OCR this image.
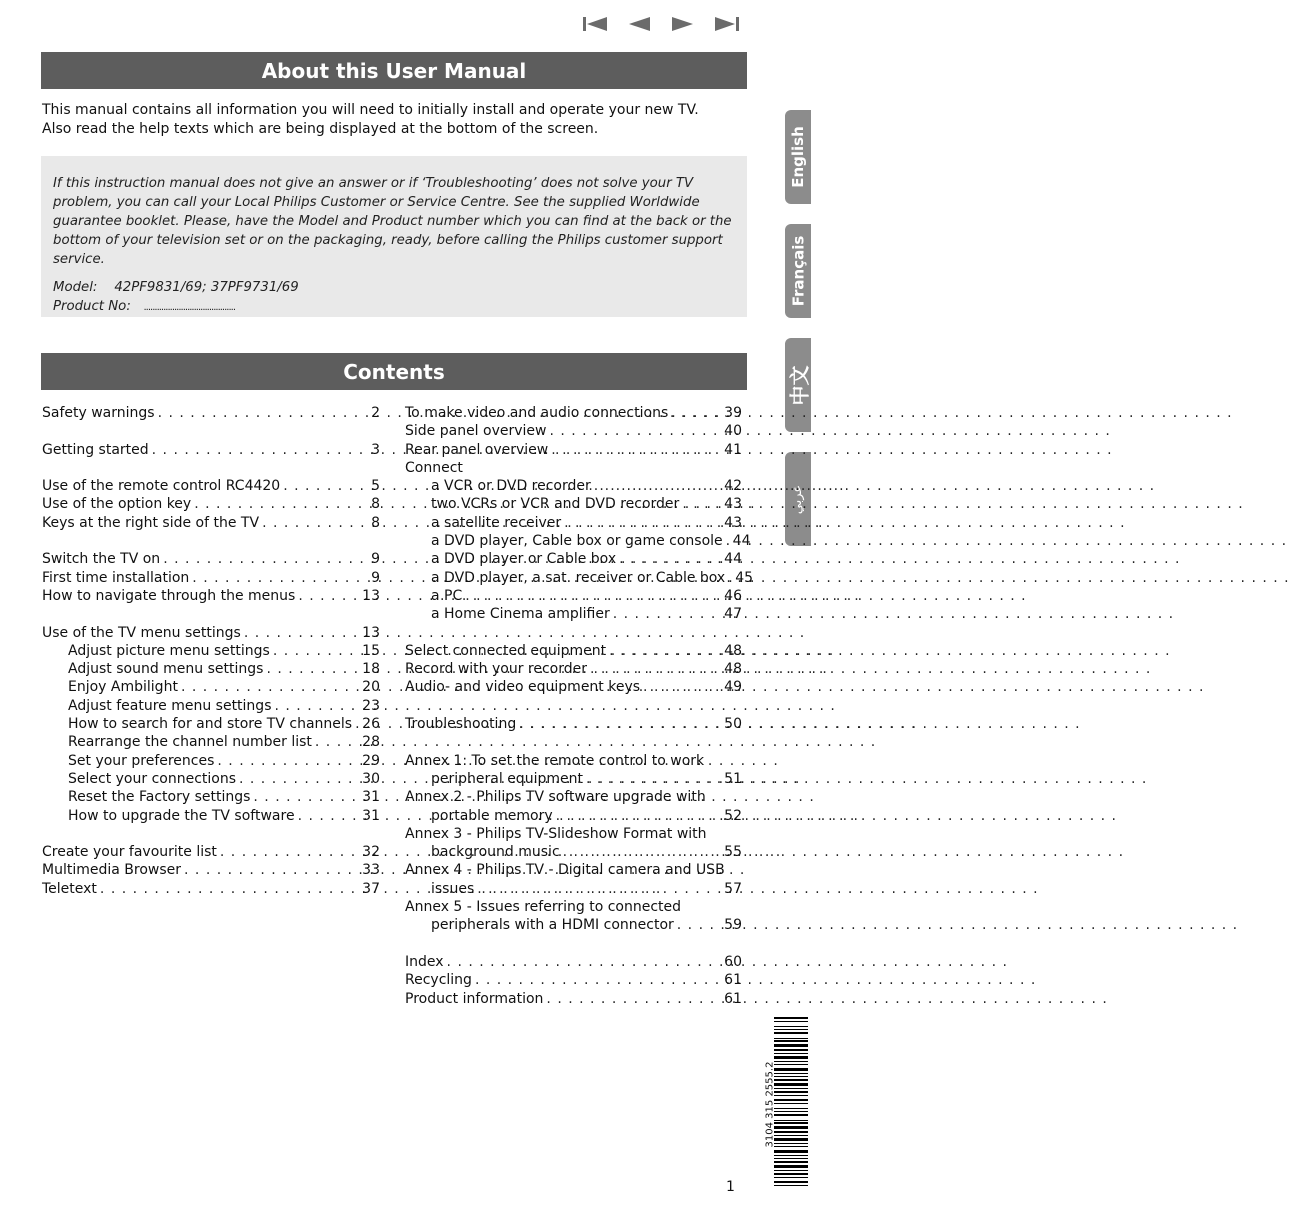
About this User Manual

This manual contains all information you will need to initially install and operate your new TV.

Also read the help texts which are being displayed at the bottom of the screen.

If this instruction manual does not give an answer or if ‘Troubleshooting’ does not solve your TV problem, you can call your Local Philips Customer or Service Centre. See the supplied Worldwide guarantee booklet. Please, have the Model and Product number which you can find at the back or the bottom of your television set or on the packaging, ready, before calling the Philips customer support service.

Model: 42PF9831/69; 37PF9731/69

Product No: ..........................................

English
Français
中文
عربي
Contents
Safety warnings . . .	2
Getting started . . .	3
Use of the remote control RC4420 . . .	5
Use of the option key . . .	8
Keys at the right side of the TV . . .	8
Switch the TV on . . .	9
First time installation . . .	9
How to navigate through the menus . . .	13
Use of the TV menu settings . . .	13
Adjust picture menu settings . . .	15
Adjust sound menu settings . . .	18
Enjoy Ambilight . . .	20
Adjust feature menu settings . . .	23
How to search for and store TV channels . . . 26
Rearrange the channel number list . . .	28
Set your preferences . . .	29
Select your connections . . .	30
Reset the Factory settings . . .	31
How to upgrade the TV software . . .	31
Create your favourite list . . .	32
Multimedia Browser . . .	33
Teletext . . .	37
To make video and audio connections . . .	39
Side panel overview . . .	40
Rear panel overview . . .	41
Connect
a VCR or DVD recorder . . .	42
two VCRs or VCR and DVD recorder . . .	43
a satellite receiver . . .	43
a DVD player, Cable box or game console . . . 44
a DVD player or Cable box . . .	44
a DVD player, a sat. receiver or Cable box . . . 45
a PC . . .	46
a Home Cinema amplifier . . .	47
Select connected equipment . . .	48
Record with your recorder . . .	48
Audio- and video equipment keys . . .	49
Troubleshooting . . .	50
Annex 1: To set the remote control to work
peripheral equipment . . .	51
Annex 2 - Philips TV software upgrade with
portable memory . . .	52
Annex 3 - Philips TV-Slideshow Format with
background music . . .	55
Annex 4 - Philips TV - Digital camera and USB
issues . . .	57
Annex 5 - Issues referring to connected
peripherals with a HDMI connector . . .	59
Index . . .	60
Recycling . . .	61
Product information . . .	61
3104 315 2555.2
1
